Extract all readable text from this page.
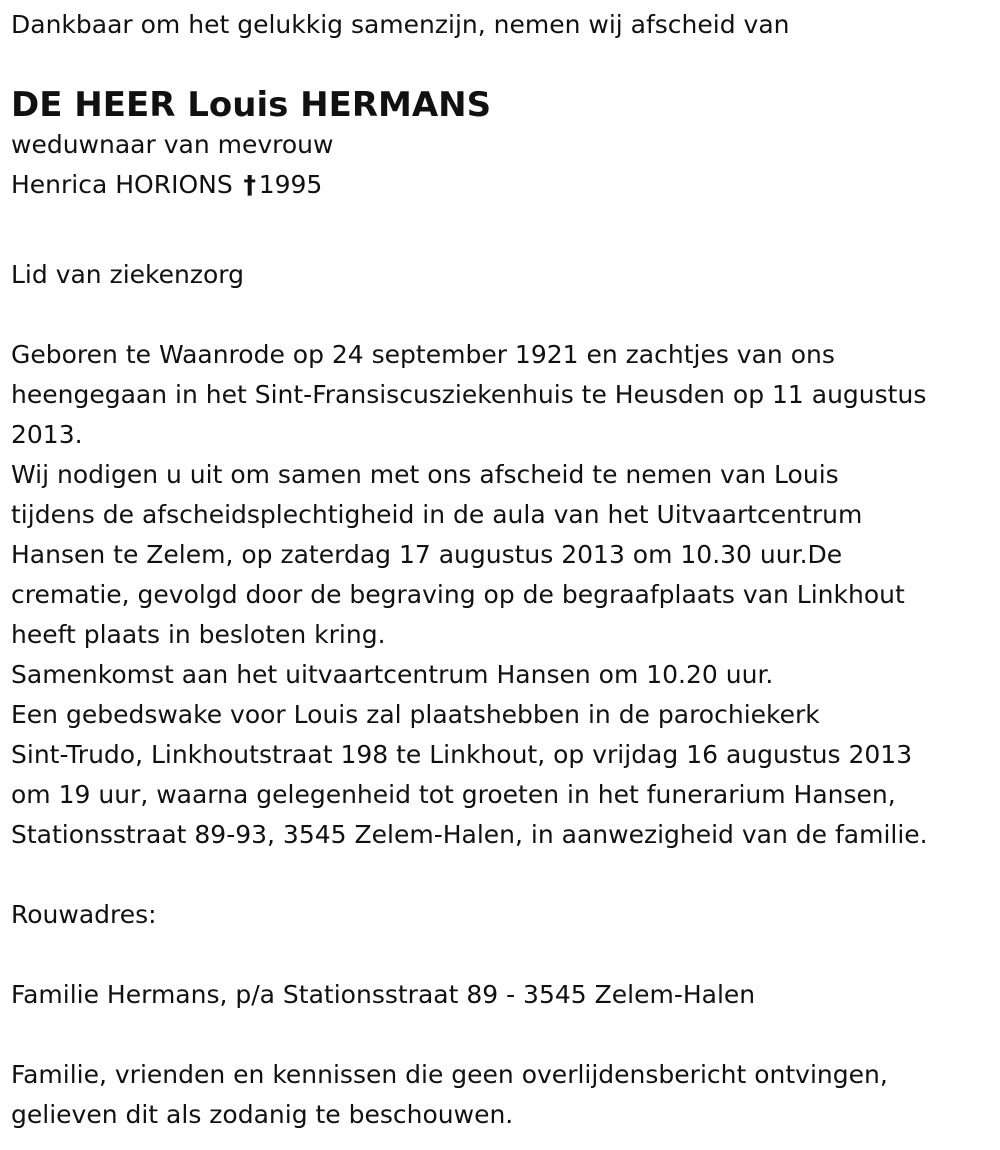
Dankbaar om het gelukkig samenzijn, nemen wij afscheid van
DE HEER Louis HERMANS
weduwnaar van mevrouw
Henrica HORIONS † 1995
Lid van ziekenzorg
Geboren te Waanrode op 24 september 1921 en zachtjes van ons
heengegaan in het Sint-Fransiscusziekenhuis te Heusden op 11 augustus
2013.
Wij nodigen u uit om samen met ons afscheid te nemen van Louis
tijdens de afscheidsplechtigheid in de aula van het Uitvaartcentrum
Hansen te Zelem, op zaterdag 17 augustus 2013 om 10.30 uur.De
crematie, gevolgd door de begraving op de begraafplaats van Linkhout
heeft plaats in besloten kring.
Samenkomst aan het uitvaartcentrum Hansen om 10.20 uur.
Een gebedswake voor Louis zal plaatshebben in de parochiekerk
Sint-Trudo, Linkhoutstraat 198 te Linkhout, op vrijdag 16 augustus 2013
om 19 uur, waarna gelegenheid tot groeten in het funerarium Hansen,
Stationsstraat 89-93, 3545 Zelem-Halen, in aanwezigheid van de familie.
Rouwadres:
Familie Hermans, p/a Stationsstraat 89 - 3545 Zelem-Halen
Familie, vrienden en kennissen die geen overlijdensbericht ontvingen,
gelieven dit als zodanig te beschouwen.
